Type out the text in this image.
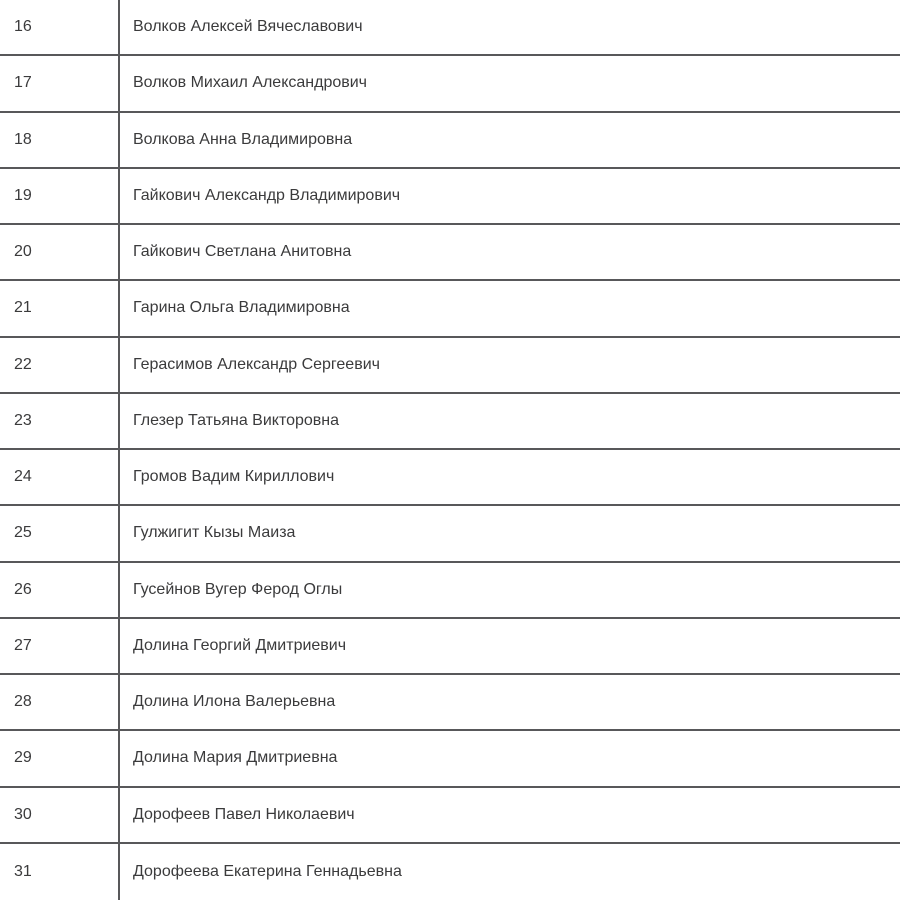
16	Волков Алексей Вячеславович
17	Волков Михаил Александрович
18	Волкова Анна Владимировна
19	Гайкович Александр Владимирович
20	Гайкович Светлана Анитовна
21	Гарина Ольга Владимировна
22	Герасимов Александр Сергеевич
23	Глезер Татьяна Викторовна
24	Громов Вадим Кириллович
25	Гулжигит Кызы Маиза
26	Гусейнов Вугер Ферод Оглы
27	Долина Георгий Дмитриевич
28	Долина Илона Валерьевна
29	Долина Мария Дмитриевна
30	Дорофеев Павел Николаевич
31	Дорофеева Екатерина Геннадьевна
